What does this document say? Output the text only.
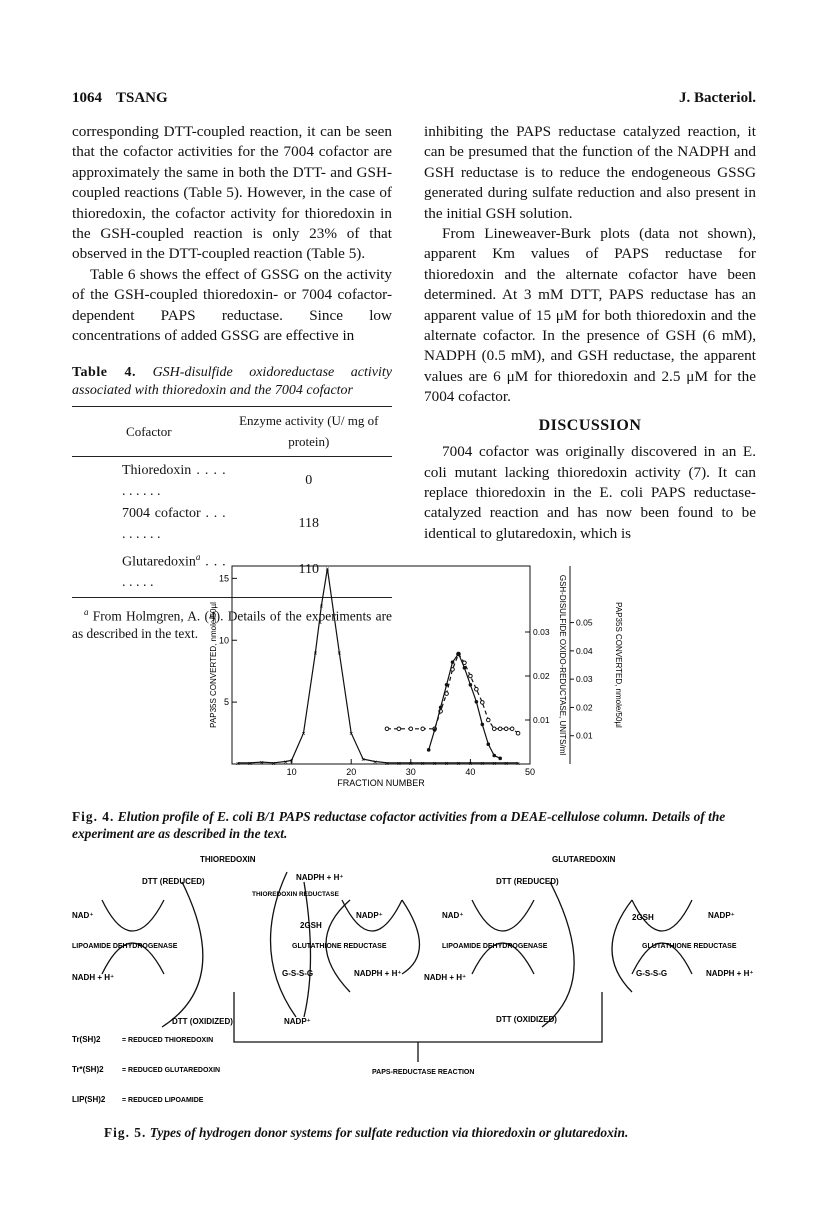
1064 TSANG	J. Bacteriol.

corresponding DTT-coupled reaction, it can be seen that the cofactor activities for the 7004 cofactor are approximately the same in both the DTT- and GSH-coupled reactions (Table 5). However, in the case of thioredoxin, the cofactor activity for thioredoxin in the GSH-coupled reaction is only 23% of that observed in the DTT-coupled reaction (Table 5).

Table 6 shows the effect of GSSG on the activity of the GSH-coupled thioredoxin- or 7004 cofactor-dependent PAPS reductase. Since low concentrations of added GSSG are effective in

Table 4. GSH-disulfide oxidoreductase activity associated with thioredoxin and the 7004 cofactor
Cofactor	Enzyme activity (U/ mg of protein)
Thioredoxin . . . . . . . . . .	0
7004 cofactor . . . . . . . . .	118
Glutaredoxin$^a$ . . . . . . . .	110
$^a$ From Holmgren, A. (4). Details of the experiments are as described in the text.

inhibiting the PAPS reductase catalyzed reaction, it can be presumed that the function of the NADPH and GSH reductase is to reduce the endogeneous GSSG generated during sulfate reduction and also present in the initial GSH solution.

From Lineweaver-Burk plots (data not shown), apparent Km values of PAPS reductase for thioredoxin and the alternate cofactor have been determined. At 3 mM DTT, PAPS reductase has an apparent value of 15 μM for both thioredoxin and the alternate cofactor. In the presence of GSH (6 mM), NADPH (0.5 mM), and GSH reductase, the apparent values are 6 μM for thioredoxin and 2.5 μM for the 7004 cofactor.

DISCUSSION

7004 cofactor was originally discovered in an E. coli mutant lacking thioredoxin activity (7). It can replace thioredoxin in the E. coli PAPS reductase-catalyzed reaction and has now been found to be identical to glutaredoxin, which is

10	20	30	40	50
FRACTION NUMBER
5
10
15
PAP35S CONVERTED, nmole/50µl	0.01
0.02
0.03 GSH-DISULFIDE OXIDO-REDUCTASE, UNITS/ml 0.01
0.02
0.03
0.04
0.05	PAP35S CONVERTED, nmole/50µl
× × × × × ×
×
×
×
×
×
×
× × × × × × × × × × × × × ×
Fig. 4. Elution profile of E. coli B/1 PAPS reductase cofactor activities from a DEAE-cellulose column. Details of the experiment are as described in the text.
THIOREDOXIN	GLUTAREDOXIN
DTT (REDUCED)	DTT (REDUCED)
NADPH + H⁺
THIOREDOXIN REDUCTASE
NAD⁺	NAD⁺
LIPOAMIDE DEHYDROGENASE	LIPOAMIDE DEHYDROGENASE
2GSH
2GSH
NADP⁺	NADP⁺
GLUTATHIONE REDUCTASE	GLUTATHIONE REDUCTASE
NADH + H⁺	NADH + H⁺
G-S-S-G	G-S-S-G
NADPH + H⁺	NADPH + H⁺
DTT (OXIDIZED)	DTT (OXIDIZED)
NADP⁺
PAPS-REDUCTASE REACTION
Tr(SH)2	= REDUCED THIOREDOXIN
Tr*(SH)2	= REDUCED GLUTAREDOXIN
LIP(SH)2 = REDUCED LIPOAMIDE
Fig. 5. Types of hydrogen donor systems for sulfate reduction via thioredoxin or glutaredoxin.
